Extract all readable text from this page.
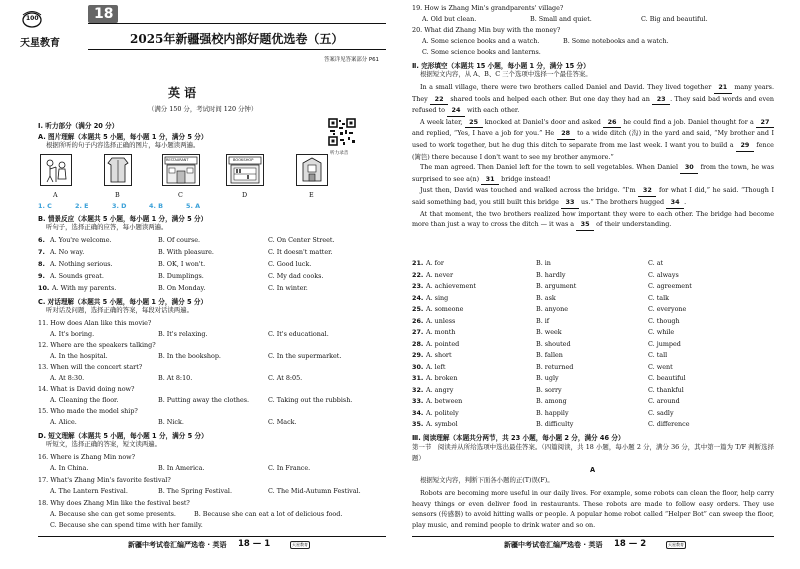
100
天星教育
18
2025年新疆强校内部好题优选卷（五）
答案详见答案部分 P61
英 语
（满分 150 分，考试时间 120 分钟）
听力录音
Ⅰ. 听力部分（满分 20 分）
A. 图片理解（本题共 5 小题，每小题 1 分，满分 5 分）
根据所听的句子内容选择正确的图片，每小题读两遍。
RESTAURANT	BOOKSHOP
A	B	C	D	E
1. C	2. E	3. D	4. B	5. A
B. 情景反应（本题共 5 小题，每小题 1 分，满分 5 分）
听句子，选择正确的应答，每小题读两遍。
6. A. You're welcome.	B. Of course.	C. On Center Street.
7. A. No way.	B. With pleasure.	C. It doesn't matter.
8. A. Nothing serious.	B. OK, I won't.	C. Good luck.
9. A. Sounds great.	B. Dumplings.	C. My dad cooks.
10. A. With my parents.	B. On Monday.	C. In winter.
C. 对话理解（本题共 5 小题，每小题 1 分，满分 5 分）
听对话及问题，选择正确的答案，每段对话读两遍。
11. How does Alan like this movie?
A. It's boring.	B. It's relaxing.	C. It's educational.
12. Where are the speakers talking?
A. In the hospital.	B. In the bookshop.	C. In the supermarket.
13. When will the concert start?
A. At 8:30.	B. At 8:10.	C. At 8:05.
14. What is David doing now?
A. Cleaning the floor.	B. Putting away the clothes.	C. Taking out the rubbish.
15. Who made the model ship?
A. Alice.	B. Nick.	C. Mack.
D. 短文理解（本题共 5 小题，每小题 1 分，满分 5 分）
听短文，选择正确的答案，短文读两遍。
16. Where is Zhang Min now?
A. In China.	B. In America.	C. In France.
17. What's Zhang Min's favorite festival?
A. The Lantern Festival.	B. The Spring Festival.	C. The Mid-Autumn Festival.
18. Why does Zhang Min like the festival best?
A. Because she can get some presents.	B. Because she can eat a lot of delicious food.
C. Because she can spend time with her family.
新疆中考试卷汇编严选卷 · 英语 18 — 1	天星教育
19. How is Zhang Min's grandparents' village?
A. Old but clean.	B. Small and quiet.	C. Big and beautiful.
20. What did Zhang Min buy with the money?
A. Some science books and a watch.	B. Some notebooks and a watch.
C. Some science books and lanterns.
Ⅱ. 完形填空（本题共 15 小题，每小题 1 分，满分 15 分）
根据短文内容，从 A、B、C 三个选项中选择一个最佳答案。
In a small village, there were two brothers called Daniel and David. They lived together 21 many years. They 22 shared tools and helped each other. But one day they had an 23 . They said bad words and even refused to 24 with each other.
A week later, 25 knocked at Daniel's door and asked 26 he could find a job. Daniel thought for a 27 and replied, “Yes, I have a job for you.” He 28 to a wide ditch (沟) in the yard and said, “My brother and I used to work together, but he dug this ditch to separate from me last week. I want you to build a 29 fence (篱笆) there because I don't want to see my brother anymore.”
The man agreed. Then Daniel left for the town to sell vegetables. When Daniel 30 from the town, he was surprised to see a(n) 31 bridge instead!
Just then, David was touched and walked across the bridge. “I'm 32 for what I did,” he said. “Though I said something bad, you still built this bridge 33 us.” The brothers hugged 34 .
At that moment, the two brothers realized how important they were to each other. The bridge had become more than just a way to cross the ditch — it was a 35 of their understanding.
21. A. for	B. in	C. at
22. A. never	B. hardly	C. always
23. A. achievement	B. argument	C. agreement
24. A. sing	B. ask	C. talk
25. A. someone	B. anyone	C. everyone
26. A. unless	B. if	C. though
27. A. month	B. week	C. while
28. A. pointed	B. shouted	C. jumped
29. A. short	B. fallen	C. tall
30. A. left	B. returned	C. went
31. A. broken	B. ugly	C. beautiful
32. A. angry	B. sorry	C. thankful
33. A. between	B. among	C. around
34. A. politely	B. happily	C. sadly
35. A. symbol	B. difficulty	C. difference
Ⅲ. 阅读理解（本题共分两节，共 23 小题，每小题 2 分，满分 46 分）
第一节　阅读并从所给选项中选出最佳答案。（四篇阅读，共 18 小题，每小题 2 分，满分 36 分，其中第一篇为 T/F 判断选择题）
A
根据短文内容，判断下面各小题的正(T)误(F)。
Robots are becoming more useful in our daily lives. For example, some robots can clean the floor, help carry heavy things or even deliver food in restaurants. These robots are made to follow easy orders. They use sensors (传感器) to avoid hitting walls or people. A popular home robot called “Helper Bot” can sweep the floor, play music, and remind people to drink water and so on.
新疆中考试卷汇编严选卷 · 英语 18 — 2	天星教育
